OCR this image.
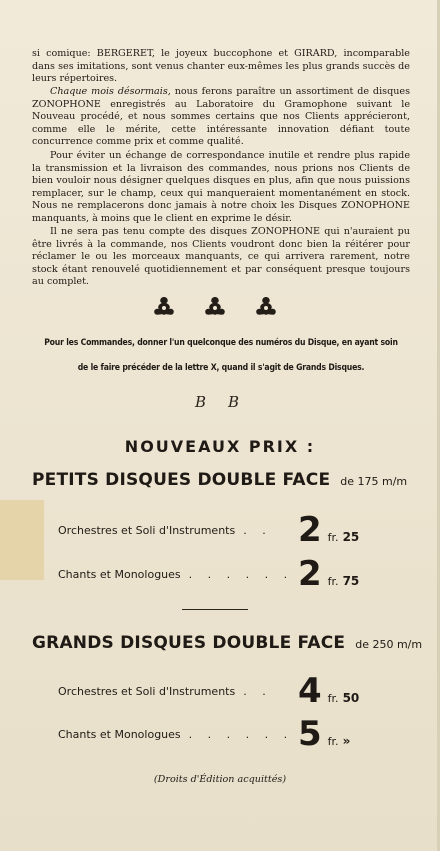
si comique: BERGERET, le joyeux buccophone et GIRARD, incomparable dans ses imitations, sont venus chanter eux-mêmes les plus grands succès de leurs répertoires.

Chaque mois désormais, nous ferons paraître un assortiment de disques ZONOPHONE enregistrés au Laboratoire du Gramophone suivant le Nouveau procédé, et nous sommes certains que nos Clients apprécieront, comme elle le mérite, cette intéressante innovation défiant toute concurrence comme prix et comme qualité.

Pour éviter un échange de correspondance inutile et rendre plus rapide la transmission et la livraison des commandes, nous prions nos Clients de bien vouloir nous désigner quelques disques en plus, afin que nous puissions remplacer, sur le champ, ceux qui manqueraient momentanément en stock. Nous ne remplacerons donc jamais à notre choix les Disques ZONOPHONE manquants, à moins que le client en exprime le désir.

Il ne sera pas tenu compte des disques ZONOPHONE qui n'auraient pu être livrés à la commande, nos Clients voudront donc bien la réitérer pour réclamer le ou les morceaux manquants, ce qui arrivera rarement, notre stock étant renouvelé quotidiennement et par conséquent presque toujours au complet.

Pour les Commandes, donner l'un quelconque des numéros du Disque, en ayant soin

de le faire précéder de la lettre X, quand il s'agit de Grands Disques.

B B

NOUVEAUX PRIX :

PETITS DISQUES DOUBLE FACE de 175 m/m
Orchestres et Soli d'Instruments . . 2 fr. 25
Chants et Monologues . . . . . . 2 fr. 75
GRANDS DISQUES DOUBLE FACE de 250 m/m
Orchestres et Soli d'Instruments . . 4 fr. 50
Chants et Monologues . . . . . . 5 fr. »

(Droits d'Édition acquittés)
